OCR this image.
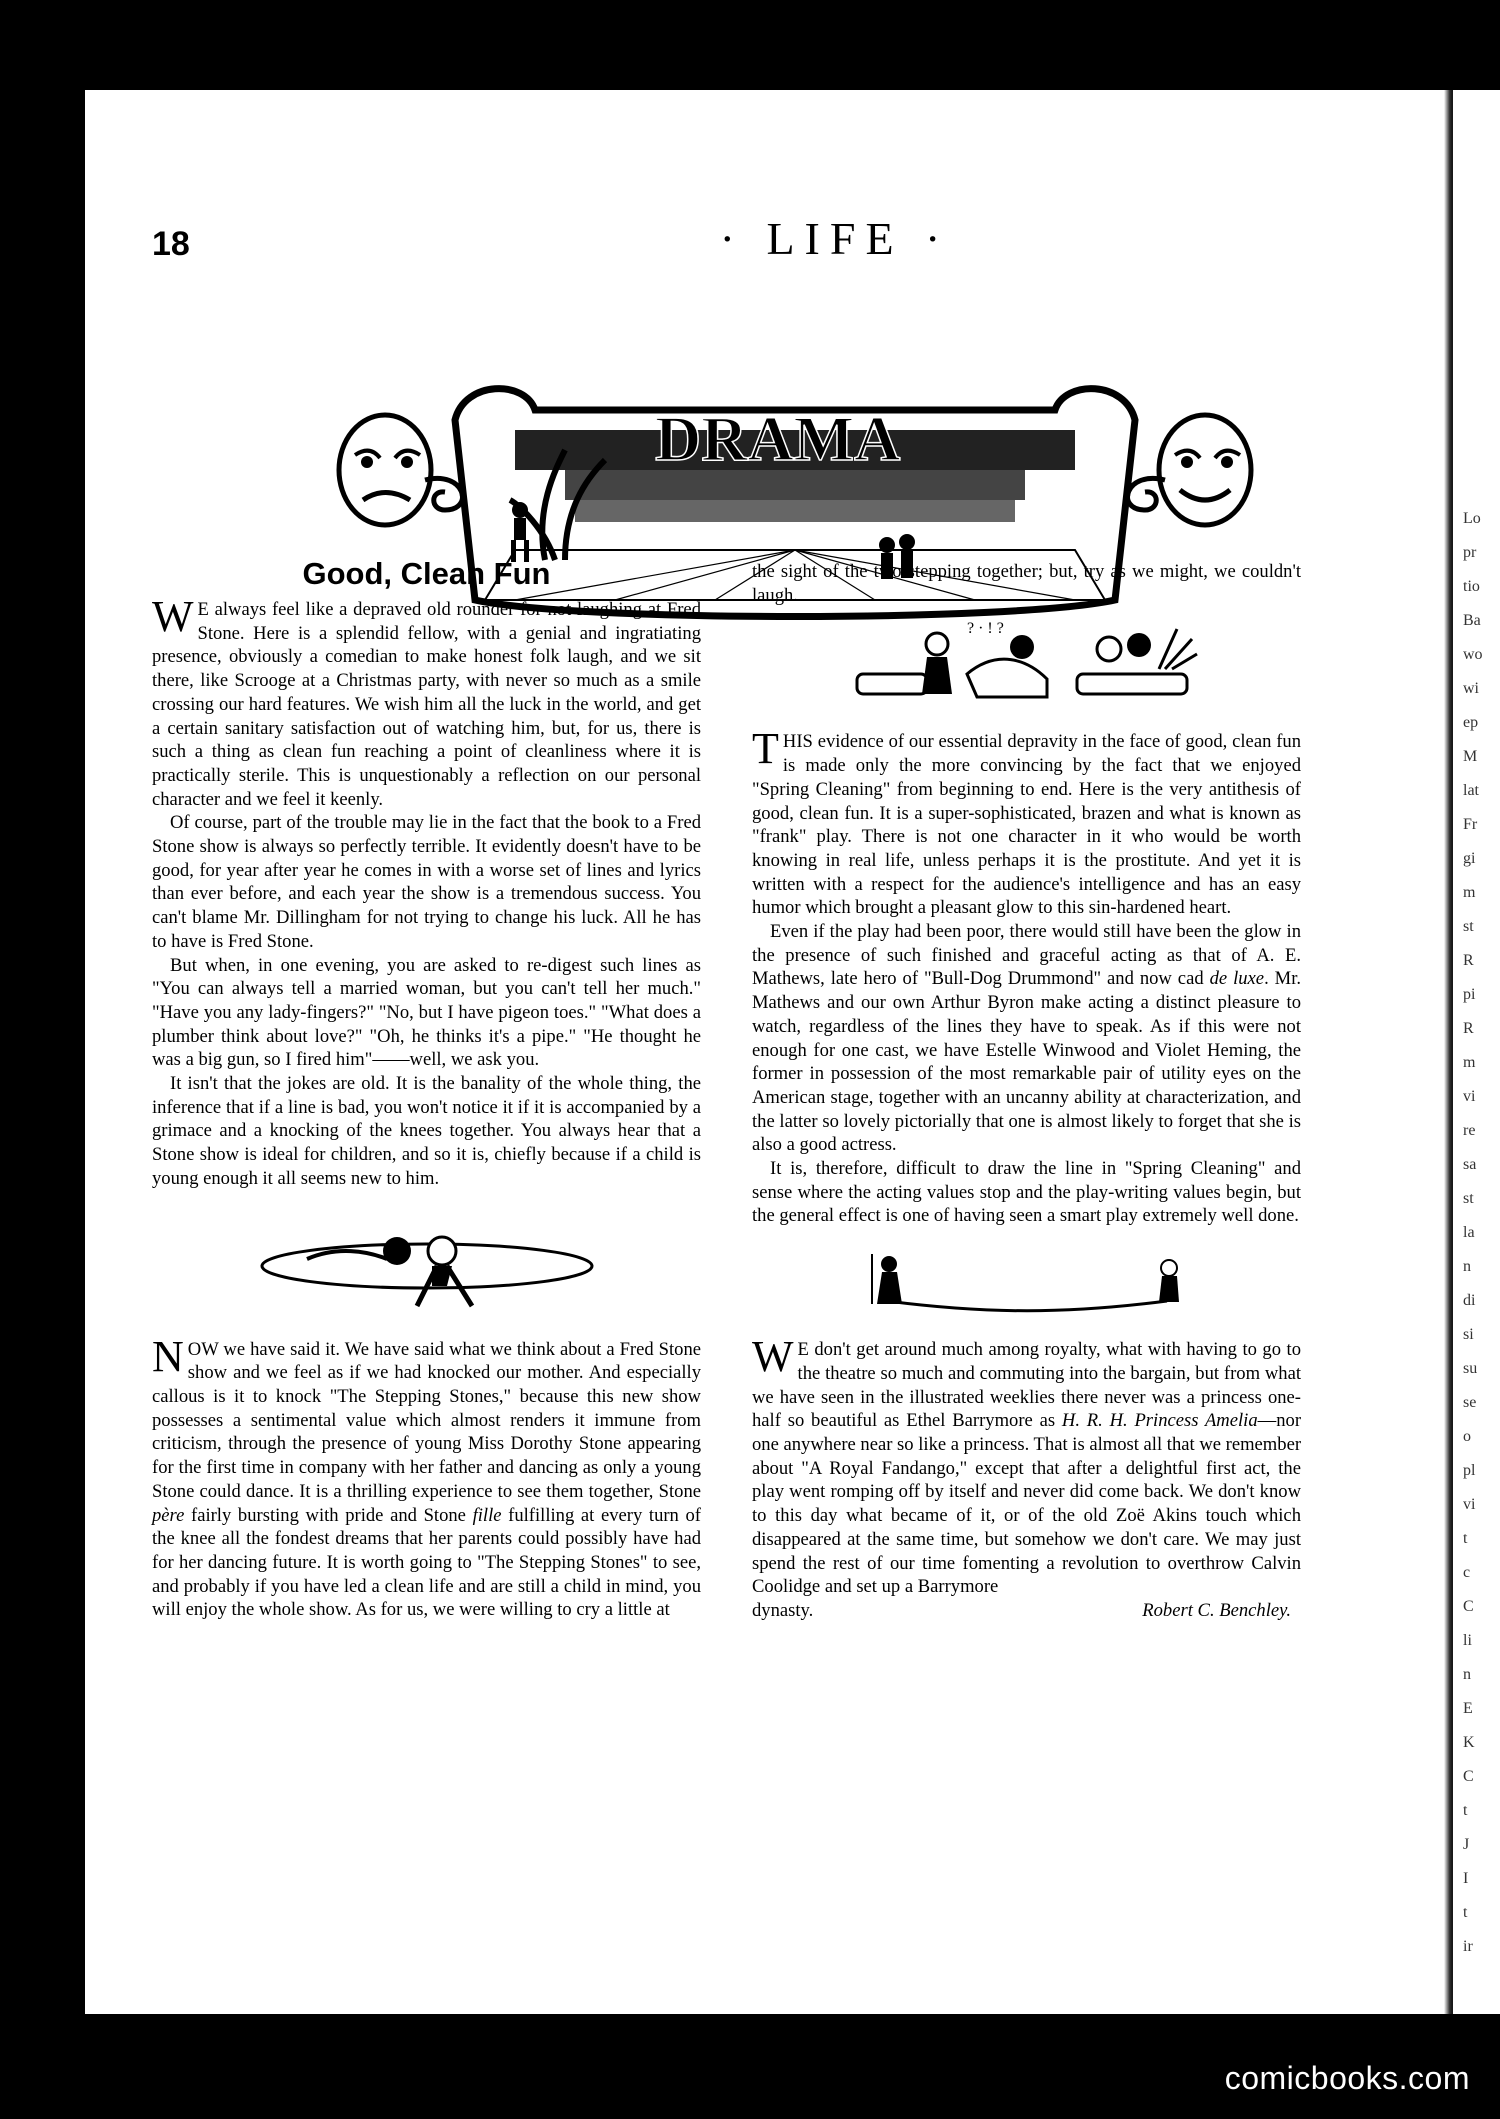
18	· LIFE ·
DRAMA
Good, Clean Fun

W E always feel like a depraved old rounder for not laughing at Fred Stone. Here is a splendid fellow, with a genial and ingratiating presence, obviously a comedian to make honest folk laugh, and we sit there, like Scrooge at a Christmas party, with never so much as a smile crossing our hard features. We wish him all the luck in the world, and get a certain sanitary satisfaction out of watching him, but, for us, there is such a thing as clean fun reaching a point of cleanliness where it is practically sterile. This is unquestionably a reflection on our personal character and we feel it keenly.

Of course, part of the trouble may lie in the fact that the book to a Fred Stone show is always so perfectly terrible. It evidently doesn't have to be good, for year after year he comes in with a worse set of lines and lyrics than ever before, and each year the show is a tremendous success. You can't blame Mr. Dillingham for not trying to change his luck. All he has to have is Fred Stone.

But when, in one evening, you are asked to re-digest such lines as "You can always tell a married woman, but you can't tell her much." "Have you any lady-fingers?" "No, but I have pigeon toes." "What does a plumber think about love?" "Oh, he thinks it's a pipe." "He thought he was a big gun, so I fired him"——well, we ask you.

It isn't that the jokes are old. It is the banality of the whole thing, the inference that if a line is bad, you won't notice it if it is accompanied by a grimace and a knocking of the knees together. You always hear that a Stone show is ideal for children, and so it is, chiefly because if a child is young enough it all seems new to him.

NOW we have said it. We have said what we think about a Fred Stone show and we feel as if we had knocked our mother. And especially callous is it to knock "The Stepping Stones," because this new show possesses a sentimental value which almost renders it immune from criticism, through the presence of young Miss Dorothy Stone appearing for the first time in company with her father and dancing as only a young Stone could dance. It is a thrilling experience to see them together, Stone père fairly bursting with pride and Stone fille fulfilling at every turn of the knee all the fondest dreams that her parents could possibly have had for her dancing future. It is worth going to "The Stepping Stones" to see, and probably if you have led a clean life and are still a child in mind, you will enjoy the whole show. As for us, we were willing to cry a little at

the sight of the two stepping together; but, try as we might, we couldn't laugh.

? · ! ?

THIS evidence of our essential depravity in the face of good, clean fun is made only the more convincing by the fact that we enjoyed "Spring Cleaning" from beginning to end. Here is the very antithesis of good, clean fun. It is a super-sophisticated, brazen and what is known as "frank" play. There is not one character in it who would be worth knowing in real life, unless perhaps it is the prostitute. And yet it is written with a respect for the audience's intelligence and has an easy humor which brought a pleasant glow to this sin-hardened heart.

Even if the play had been poor, there would still have been the glow in the presence of such finished and graceful acting as that of A. E. Mathews, late hero of "Bull-Dog Drummond" and now cad de luxe. Mr. Mathews and our own Arthur Byron make acting a distinct pleasure to watch, regardless of the lines they have to speak. As if this were not enough for one cast, we have Estelle Winwood and Violet Heming, the former in possession of the most remarkable pair of utility eyes on the American stage, together with an uncanny ability at characterization, and the latter so lovely pictorially that one is almost likely to forget that she is also a good actress.

It is, therefore, difficult to draw the line in "Spring Cleaning" and sense where the acting values stop and the play-writing values begin, but the general effect is one of having seen a smart play extremely well done.

W E don't get around much among royalty, what with having to go to the theatre so much and commuting into the bargain, but from what we have seen in the illustrated weeklies there never was a princess one-half so beautiful as Ethel Barrymore as H. R. H. Princess Amelia—nor one anywhere near so like a princess. That is almost all that we remember about "A Royal Fandango," except that after a delightful first act, the play went romping off by itself and never did come back. We don't know to this day what became of it, or of the old Zoë Akins touch which disappeared at the same time, but somehow we don't care. We may just spend the rest of our time fomenting a revolution to overthrow Calvin Coolidge and set up a Barrymore

dynasty.	Robert C. Benchley.
Lo
pr
tio
Ba
wo
wi
ep
M
lat
Fr
gi
m
st
R
pi
R
m
vi
re
sa
st
la
n
di
si
su
se
o
pl
vi
t
c
C
li
n
E
K
C
t
J
I
t
ir
comicbooks.com
